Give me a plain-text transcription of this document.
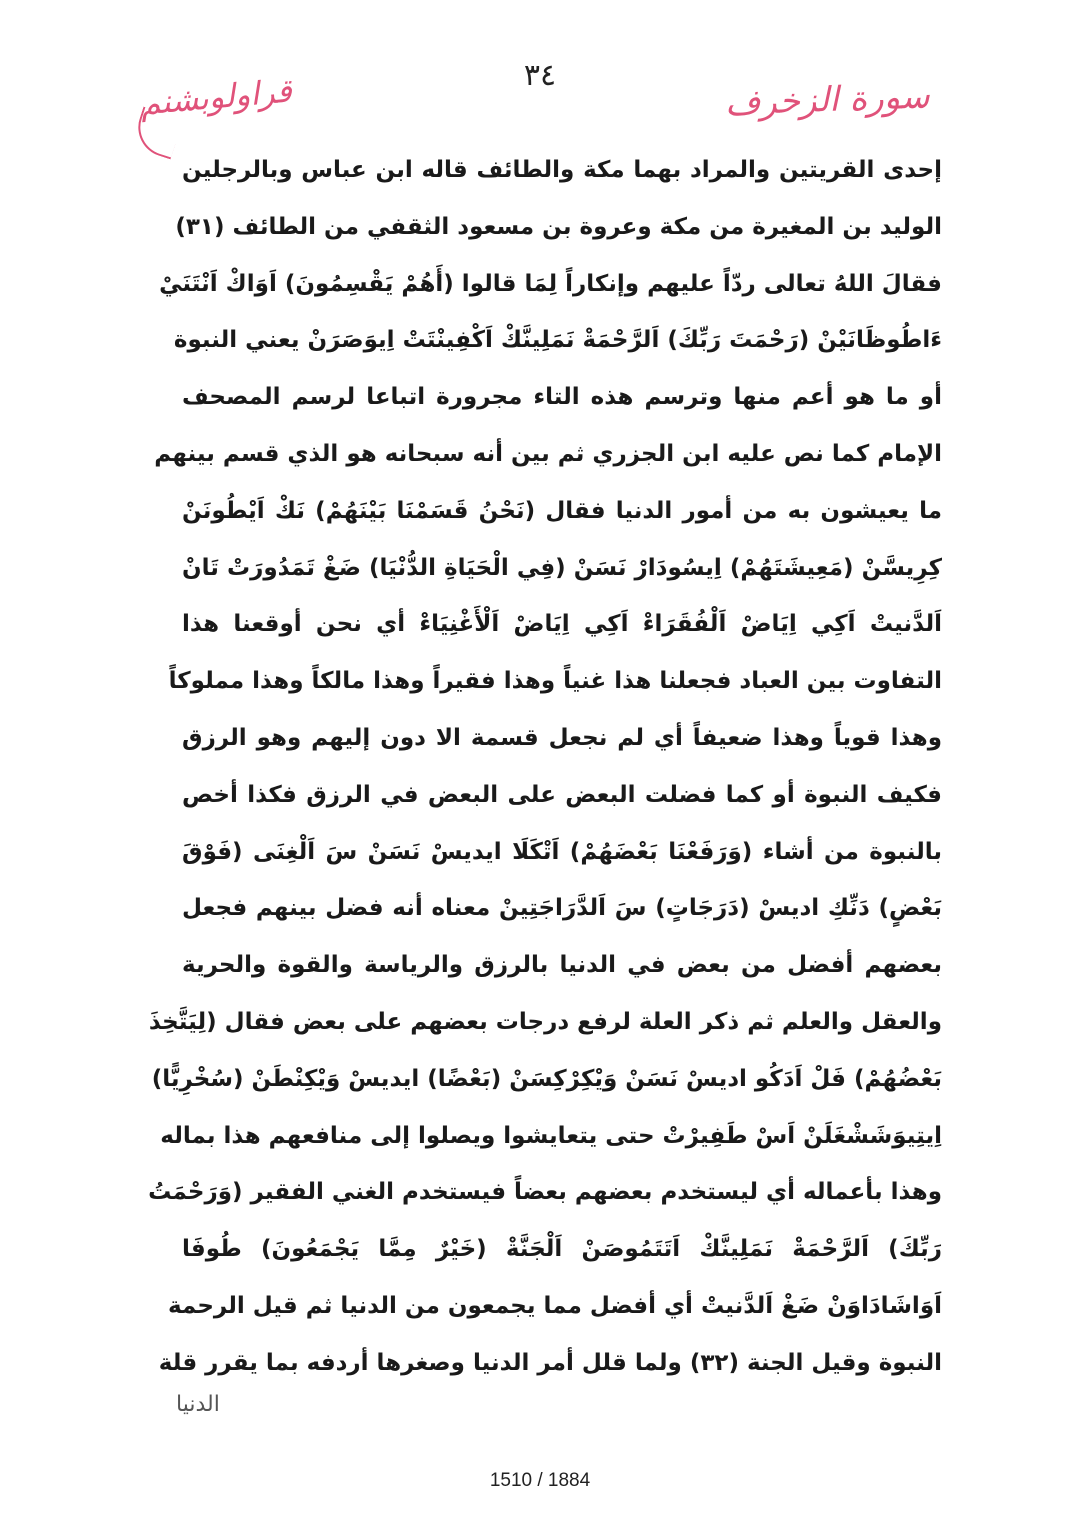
٣٤
سورة الزخرف
قراولوبشنم
إحدى القريتين والمراد بهما مكة والطائف قاله ابن عباس وبالرجلين
الوليد بن المغيرة من مكة وعروة بن مسعود الثقفي من الطائف (٣١)
فقالَ اللهُ تعالى ردّاً عليهم وإنكاراً لِمَا قالوا (أَهُمْ يَقْسِمُونَ) اَوَاكْ اَنْتَنَيْ
ءَاطُوظَانَيْنْ (رَحْمَتَ رَبِّكَ) اَلرَّحْمَةْ نَمَلِينَّكْ اَكْفِينْتَتْ اِيوَصَرَنْ يعني النبوة
أو ما هو أعم منها وترسم هذه التاء مجرورة اتباعا لرسم المصحف
الإمام كما نص عليه ابن الجزري ثم بين أنه سبحانه هو الذي قسم بينهم
ما يعيشون به من أمور الدنيا فقال (نَحْنُ قَسَمْنَا بَيْنَهُمْ) نَكْ اَيْطُونَنْ
كِرِيسَّنْ (مَعِيشَتَهُمْ) اِيسُودَارْ نَسَنْ (فِي الْحَيَاةِ الدُّنْيَا) ضَغْ تَمَدُورَتْ تَانْ
اَلدَّنيتْ اَكِي اِيَاضْ اَلْفُقَرَاءْ اَكِي اِيَاضْ اَلْأَغْنِيَاءْ أي نحن أوقعنا هذا
التفاوت بين العباد فجعلنا هذا غنياً وهذا فقيراً وهذا مالكاً وهذا مملوكاً
وهذا قوياً وهذا ضعيفاً أي لم نجعل قسمة الا دون إليهم وهو الرزق
فكيف النبوة أو كما فضلت البعض على البعض في الرزق فكذا أخص
بالنبوة من أشاء (وَرَفَعْنَا بَعْضَهُمْ) اَتْكَلَا ايديسْ نَسَنْ سَ اَلْغِنَى (فَوْقَ
بَعْضٍ) دَنِّكِ اديسْ (دَرَجَاتٍ) سَ اَلدَّرَاجَتِينْ معناه أنه فضل بينهم فجعل
بعضهم أفضل من بعض في الدنيا بالرزق والرياسة والقوة والحرية
والعقل والعلم ثم ذكر العلة لرفع درجات بعضهم على بعض فقال (لِيَتَّخِذَ
بَعْضُهُمْ) فَلْ اَدَكُو اديسْ نَسَنْ وَيْكِرْكِسَنْ (بَعْضًا) ايديسْ وَيْكِنْطَنْ (سُخْرِيًّا)
اِيتِيوَشَشْغَلَنْ اَسْ طَفِيرْتْ حتى يتعايشوا ويصلوا إلى منافعهم هذا بماله
وهذا بأعماله أي ليستخدم بعضهم بعضاً فيستخدم الغني الفقير (وَرَحْمَتُ
رَبِّكَ) اَلرَّحْمَةْ نَمَلِينَّكْ اَتَتَمُوصَنْ اَلْجَنَّةْ (خَيْرٌ مِمَّا يَجْمَعُونَ) طُوفَا
اَوَاشَادَاوَنْ ضَغْ اَلدَّنيتْ أي أفضل مما يجمعون من الدنيا ثم قيل الرحمة
النبوة وقيل الجنة (٣٢) ولما قلل أمر الدنيا وصغرها أردفه بما يقرر قلة
الدنيا
1510 / 1884
